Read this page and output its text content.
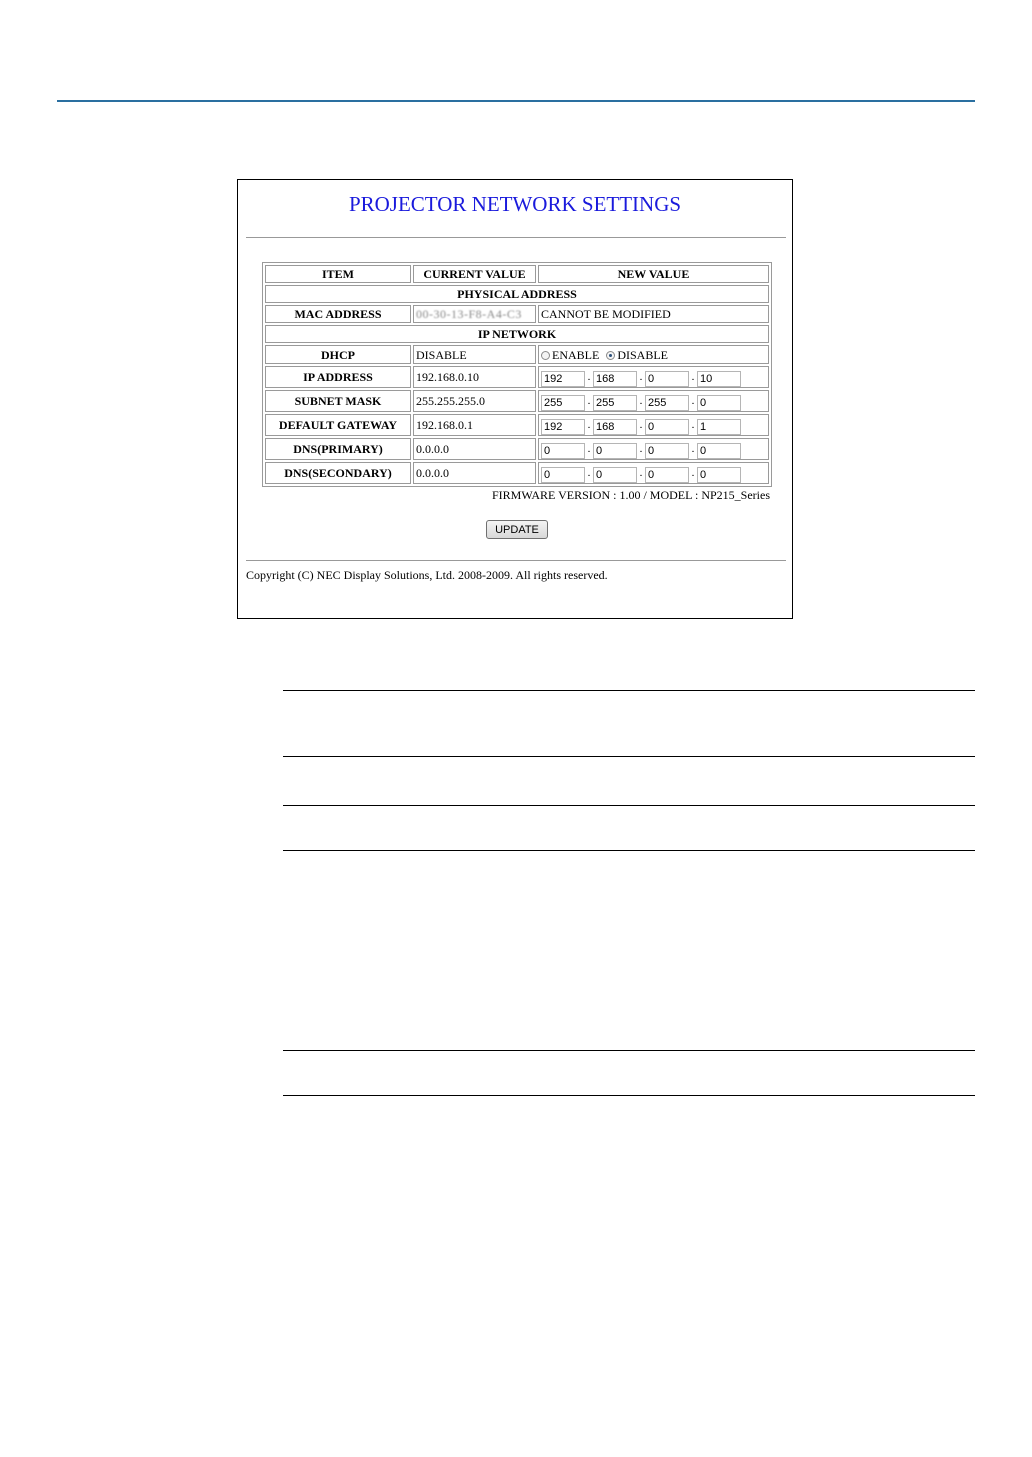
PROJECTOR NETWORK SETTINGS
ITEM	CURRENT VALUE	NEW VALUE
PHYSICAL ADDRESS		
MAC ADDRESS	00-30-13-F8-A4-C3	CANNOT BE MODIFIED
IP NETWORK		
DHCP	DISABLE	ENABLE DISABLE
IP ADDRESS	192.168.0.10	192.168 .0 .10
SUBNET MASK	255.255.255.0	255.255 .255 .0
DEFAULT GATEWAY	192.168.0.1	192.168 .0 .1
DNS(PRIMARY)	0.0.0.0	0.0 .0 .0
DNS(SECONDARY)	0.0.0.0	0.0 .0 .0
FIRMWARE VERSION : 1.00 / MODEL : NP215_Series
UPDATE
Copyright (C) NEC Display Solutions, Ltd. 2008-2009. All rights reserved.
